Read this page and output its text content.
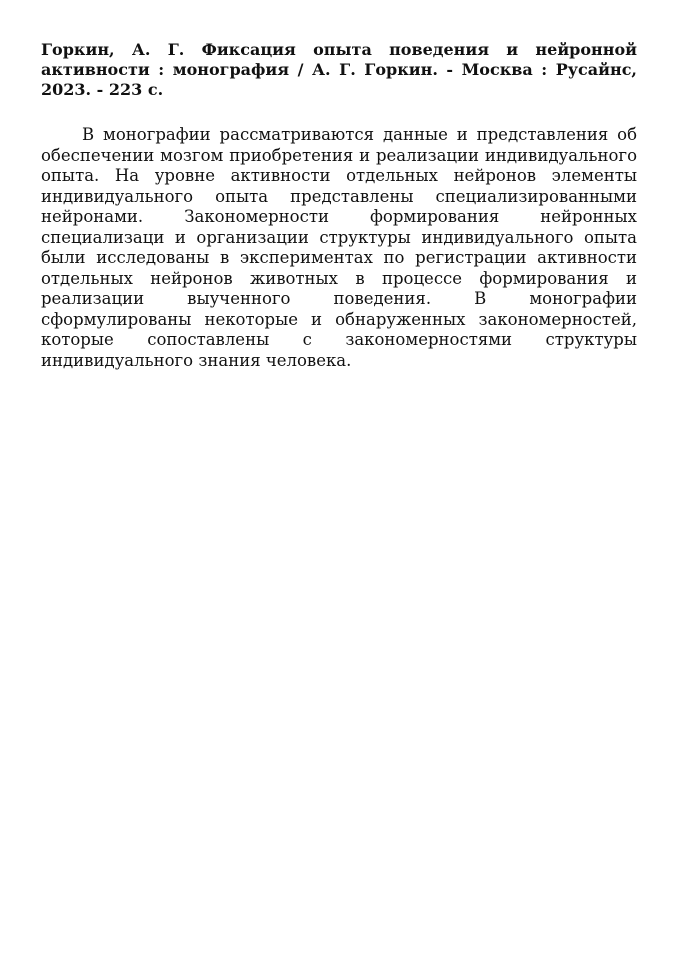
Горкин, А. Г. Фиксация опыта поведения и нейронной активности : монография / А. Г. Горкин. - Москва : Русайнс, 2023. - 223 с.

В монографии рассматриваются данные и представления об обеспечении мозгом приобретения и реализации индивидуального опыта. На уровне активности отдельных нейронов элементы индивидуального опыта представлены специализированными нейронами. Закономерности формирования нейронных специализаци и организации структуры индивидуального опыта были исследованы в экспериментах по регистрации активности отдельных нейронов животных в процессе формирования и реализации выученного поведения. В монографии сформулированы некоторые и обнаруженных закономерностей, которые сопоставлены с закономерностями структуры индивидуального знания человека.
